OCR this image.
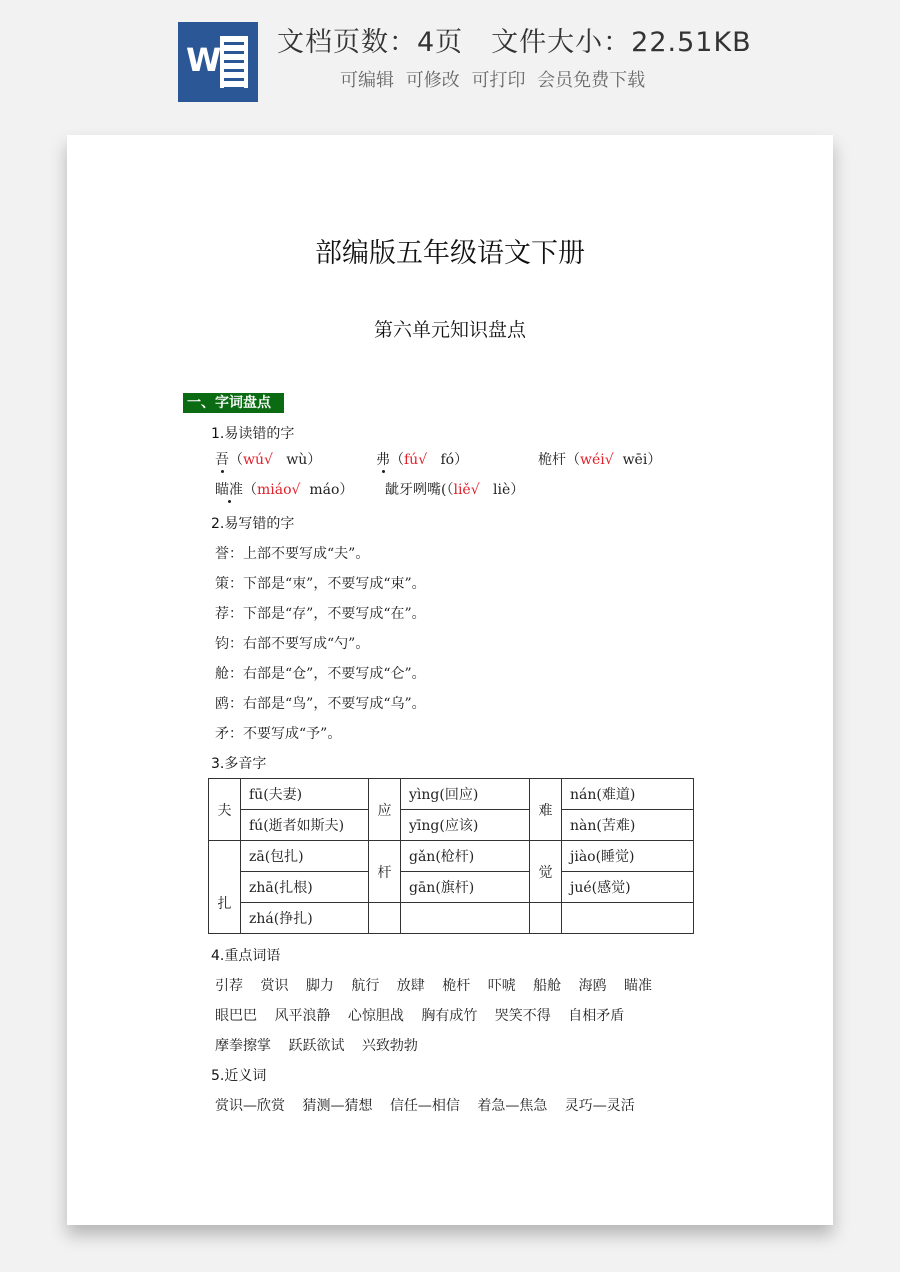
W 文档页数：4页　文件大小：22.51KB
可编辑 可修改 可打印 会员免费下载
部编版五年级语文下册
第六单元知识盘点
一、字词盘点
1.易读错的字
吾（wú√ wù）	弗（fú√ fó）	桅杆（wéi√ wēi）
瞄准（miáo√ máo） 龇牙咧嘴(（liě√ liè）
2.易写错的字
誉：上部不要写成“夫”。
策：下部是“朿”，不要写成“束”。
荐：下部是“存”，不要写成“在”。
钧：右部不要写成“勺”。
舱：右部是“仓”，不要写成“仑”。
鸥：右部是“鸟”，不要写成“乌”。
矛：不要写成“予”。
3.多音字
夫	fū(夫妻)	应	yìng(回应)	难	nán(难道)
	fú(逝者如斯夫)		yīng(应该)		nàn(苦难)
扎	zā(包扎)	杆	gǎn(枪杆)	觉	jiào(睡觉)
	zhā(扎根)		gān(旗杆)		jué(感觉)
	zhá(挣扎)				
4.重点词语
引荐 赏识 脚力 航行 放肆 桅杆 吓唬 船舱 海鸥 瞄准
眼巴巴 风平浪静 心惊胆战 胸有成竹 哭笑不得 自相矛盾
摩拳擦掌 跃跃欲试 兴致勃勃
5.近义词
赏识—欣赏 猜测—猜想 信任—相信 着急—焦急 灵巧—灵活
